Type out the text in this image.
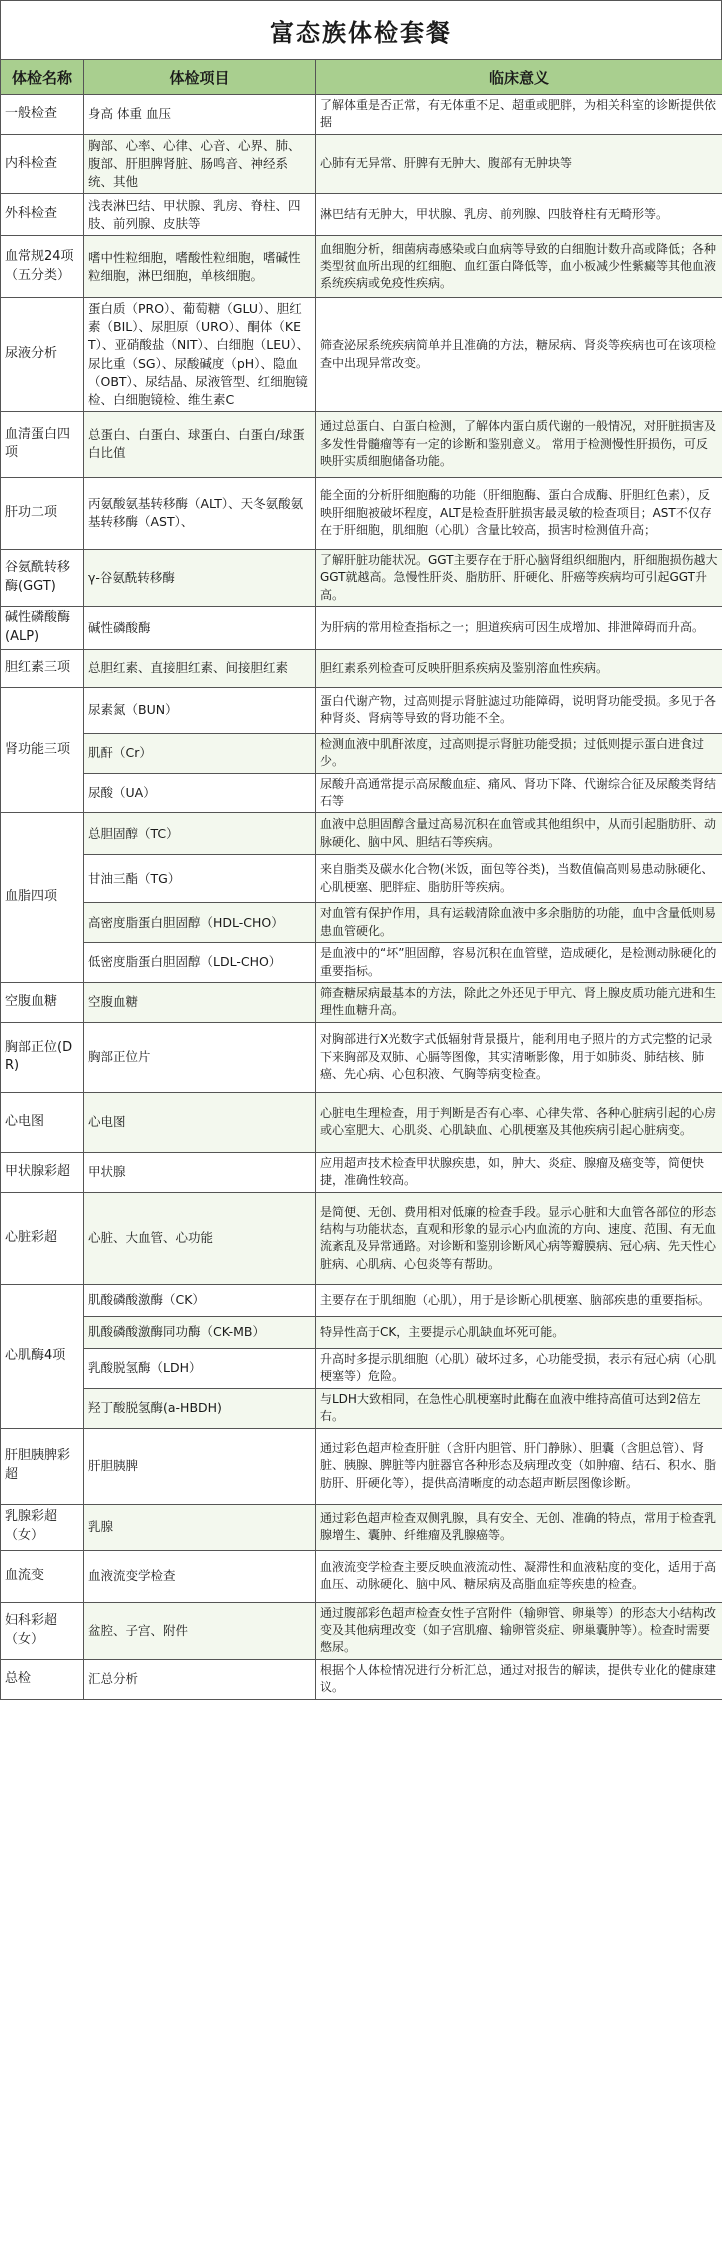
富态族体检套餐
体检名称	体检项目	临床意义
一般检查	身高 体重 血压	了解体重是否正常，有无体重不足、超重或肥胖，为相关科室的诊断提供依据
内科检查	胸部、心率、心律、心音、心界、肺、腹部、肝胆脾肾脏、肠鸣音、神经系统、其他	心肺有无异常、肝脾有无肿大、腹部有无肿块等
外科检查	浅表淋巴结、甲状腺、乳房、脊柱、四肢、前列腺、皮肤等	淋巴结有无肿大，甲状腺、乳房、前列腺、四肢脊柱有无畸形等。
血常规24项（五分类）	嗜中性粒细胞，嗜酸性粒细胞，嗜碱性粒细胞，淋巴细胞，单核细胞。	血细胞分析，细菌病毒感染或白血病等导致的白细胞计数升高或降低；各种类型贫血所出现的红细胞、血红蛋白降低等，血小板减少性紫癜等其他血液系统疾病或免疫性疾病。
尿液分析	蛋白质（PRO）、葡萄糖（GLU）、胆红素（BIL）、尿胆原（URO）、酮体（KET）、亚硝酸盐（NIT）、白细胞（LEU）、尿比重（SG）、尿酸碱度（pH）、隐血（OBT）、尿结晶、尿液管型、红细胞镜检、白细胞镜检、维生素C	筛查泌尿系统疾病简单并且准确的方法，糖尿病、肾炎等疾病也可在该项检查中出现异常改变。
血清蛋白四项	总蛋白、白蛋白、球蛋白、白蛋白/球蛋白比值	通过总蛋白、白蛋白检测，了解体内蛋白质代谢的一般情况，对肝脏损害及多发性骨髓瘤等有一定的诊断和鉴别意义。 常用于检测慢性肝损伤，可反映肝实质细胞储备功能。
肝功二项	丙氨酸氨基转移酶（ALT）、天冬氨酸氨基转移酶（AST）、	能全面的分析肝细胞酶的功能（肝细胞酶、蛋白合成酶、肝胆红色素），反映肝细胞被破坏程度，ALT是检查肝脏损害最灵敏的检查项目；AST不仅存在于肝细胞，肌细胞（心肌）含量比较高，损害时检测值升高；
谷氨酰转移酶(GGT)	γ-谷氨酰转移酶	了解肝脏功能状况。GGT主要存在于肝心脑肾组织细胞内，肝细胞损伤越大GGT就越高。急慢性肝炎、脂肪肝、肝硬化、肝癌等疾病均可引起GGT升高。
碱性磷酸酶(ALP)	碱性磷酸酶	为肝病的常用检查指标之一；胆道疾病可因生成增加、排泄障碍而升高。
胆红素三项	总胆红素、直接胆红素、间接胆红素	胆红素系列检查可反映肝胆系疾病及鉴别溶血性疾病。
肾功能三项	尿素氮（BUN）	蛋白代谢产物，过高则提示肾脏滤过功能障碍，说明肾功能受损。多见于各种肾炎、肾病等导致的肾功能不全。
	肌酐（Cr）	检测血液中肌酐浓度，过高则提示肾脏功能受损；过低则提示蛋白进食过少。
	尿酸（UA）	尿酸升高通常提示高尿酸血症、痛风、肾功下降、代谢综合征及尿酸类肾结石等
血脂四项	总胆固醇（TC）	血液中总胆固醇含量过高易沉积在血管或其他组织中，从而引起脂肪肝、动脉硬化、脑中风、胆结石等疾病。
	甘油三酯（TG）	来自脂类及碳水化合物(米饭，面包等谷类)，当数值偏高则易患动脉硬化、心肌梗塞、肥胖症、脂肪肝等疾病。
	高密度脂蛋白胆固醇（HDL-CHO）	对血管有保护作用，具有运载清除血液中多余脂肪的功能，血中含量低则易患血管硬化。
	低密度脂蛋白胆固醇（LDL-CHO）	是血液中的“坏”胆固醇，容易沉积在血管壁，造成硬化，是检测动脉硬化的重要指标。
空腹血糖	空腹血糖	筛查糖尿病最基本的方法，除此之外还见于甲亢、肾上腺皮质功能亢进和生理性血糖升高。
胸部正位(DR)	胸部正位片	对胸部进行X光数字式低辐射背景摄片，能利用电子照片的方式完整的记录下来胸部及双肺、心膈等图像，其实清晰影像，用于如肺炎、肺结核、肺癌、先心病、心包积液、气胸等病变检查。
心电图	心电图	心脏电生理检查，用于判断是否有心率、心律失常、各种心脏病引起的心房或心室肥大、心肌炎、心肌缺血、心肌梗塞及其他疾病引起心脏病变。
甲状腺彩超	甲状腺	应用超声技术检查甲状腺疾患，如，肿大、炎症、腺瘤及癌变等，简便快捷，准确性较高。
心脏彩超	心脏、大血管、心功能	是简便、无创、费用相对低廉的检查手段。显示心脏和大血管各部位的形态结构与功能状态，直观和形象的显示心内血流的方向、速度、范围、有无血流紊乱及异常通路。对诊断和鉴别诊断风心病等瓣膜病、冠心病、先天性心脏病、心肌病、心包炎等有帮助。
心肌酶4项	肌酸磷酸激酶（CK）	主要存在于肌细胞（心肌），用于是诊断心肌梗塞、脑部疾患的重要指标。
	肌酸磷酸激酶同功酶（CK-MB）	特异性高于CK，主要提示心肌缺血坏死可能。
	乳酸脱氢酶（LDH）	升高时多提示肌细胞（心肌）破坏过多，心功能受损，表示有冠心病（心肌梗塞等）危险。
	羟丁酸脱氢酶(a-HBDH)	与LDH大致相同，在急性心肌梗塞时此酶在血液中维持高值可达到2倍左右。
肝胆胰脾彩超	肝胆胰脾	通过彩色超声检查肝脏（含肝内胆管、肝门静脉）、胆囊（含胆总管）、肾脏、胰腺、脾脏等内脏器官各种形态及病理改变（如肿瘤、结石、积水、脂肪肝、肝硬化等），提供高清晰度的动态超声断层图像诊断。
乳腺彩超（女）	乳腺	通过彩色超声检查双侧乳腺，具有安全、无创、准确的特点，常用于检查乳腺增生、囊肿、纤维瘤及乳腺癌等。
血流变	血液流变学检查	血液流变学检查主要反映血液流动性、凝滞性和血液粘度的变化，适用于高血压、动脉硬化、脑中风、糖尿病及高脂血症等疾患的检查。
妇科彩超（女）	盆腔、子宫、附件	通过腹部彩色超声检查女性子宫附件（输卵管、卵巢等）的形态大小结构改变及其他病理改变（如子宫肌瘤、输卵管炎症、卵巢囊肿等）。检查时需要憋尿。
总检	汇总分析	根据个人体检情况进行分析汇总，通过对报告的解读，提供专业化的健康建议。
